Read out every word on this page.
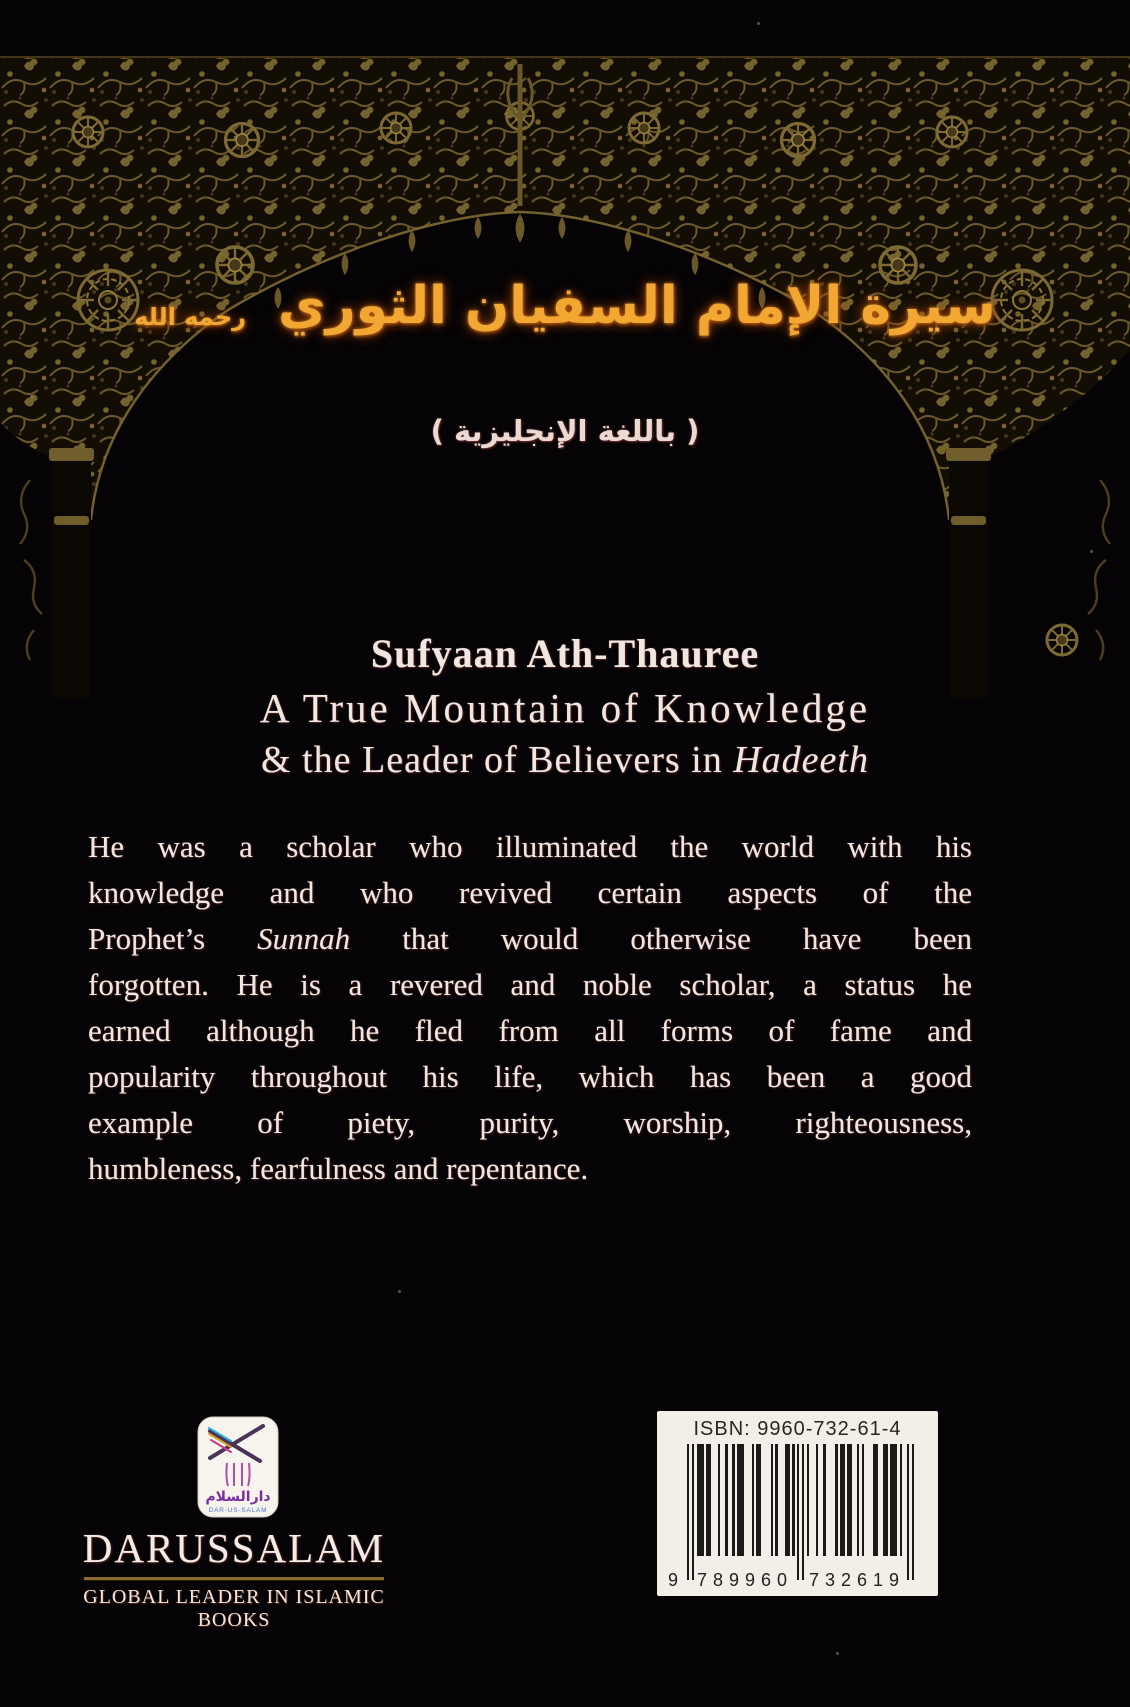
سيرة الإمام السفيان الثوري رحمه الله
( باللغة الإنجليزية )
Sufyaan Ath-Thauree
A True Mountain of Knowledge
& the Leader of Believers in Hadeeth
He was a scholar who illuminated the world with his
knowledge and who revived certain aspects of the
Prophet’s Sunnah that would otherwise have been
forgotten. He is a revered and noble scholar, a status he
earned although he fled from all forms of fame and
popularity throughout his life, which has been a good
example of piety, purity, worship, righteousness,
humbleness, fearfulness and repentance.
دارالسلام
DAR-US-SALAM
DARUSSALAM
GLOBAL LEADER IN ISLAMIC BOOKS
ISBN: 9960-732-61-4
9 789960 732619
